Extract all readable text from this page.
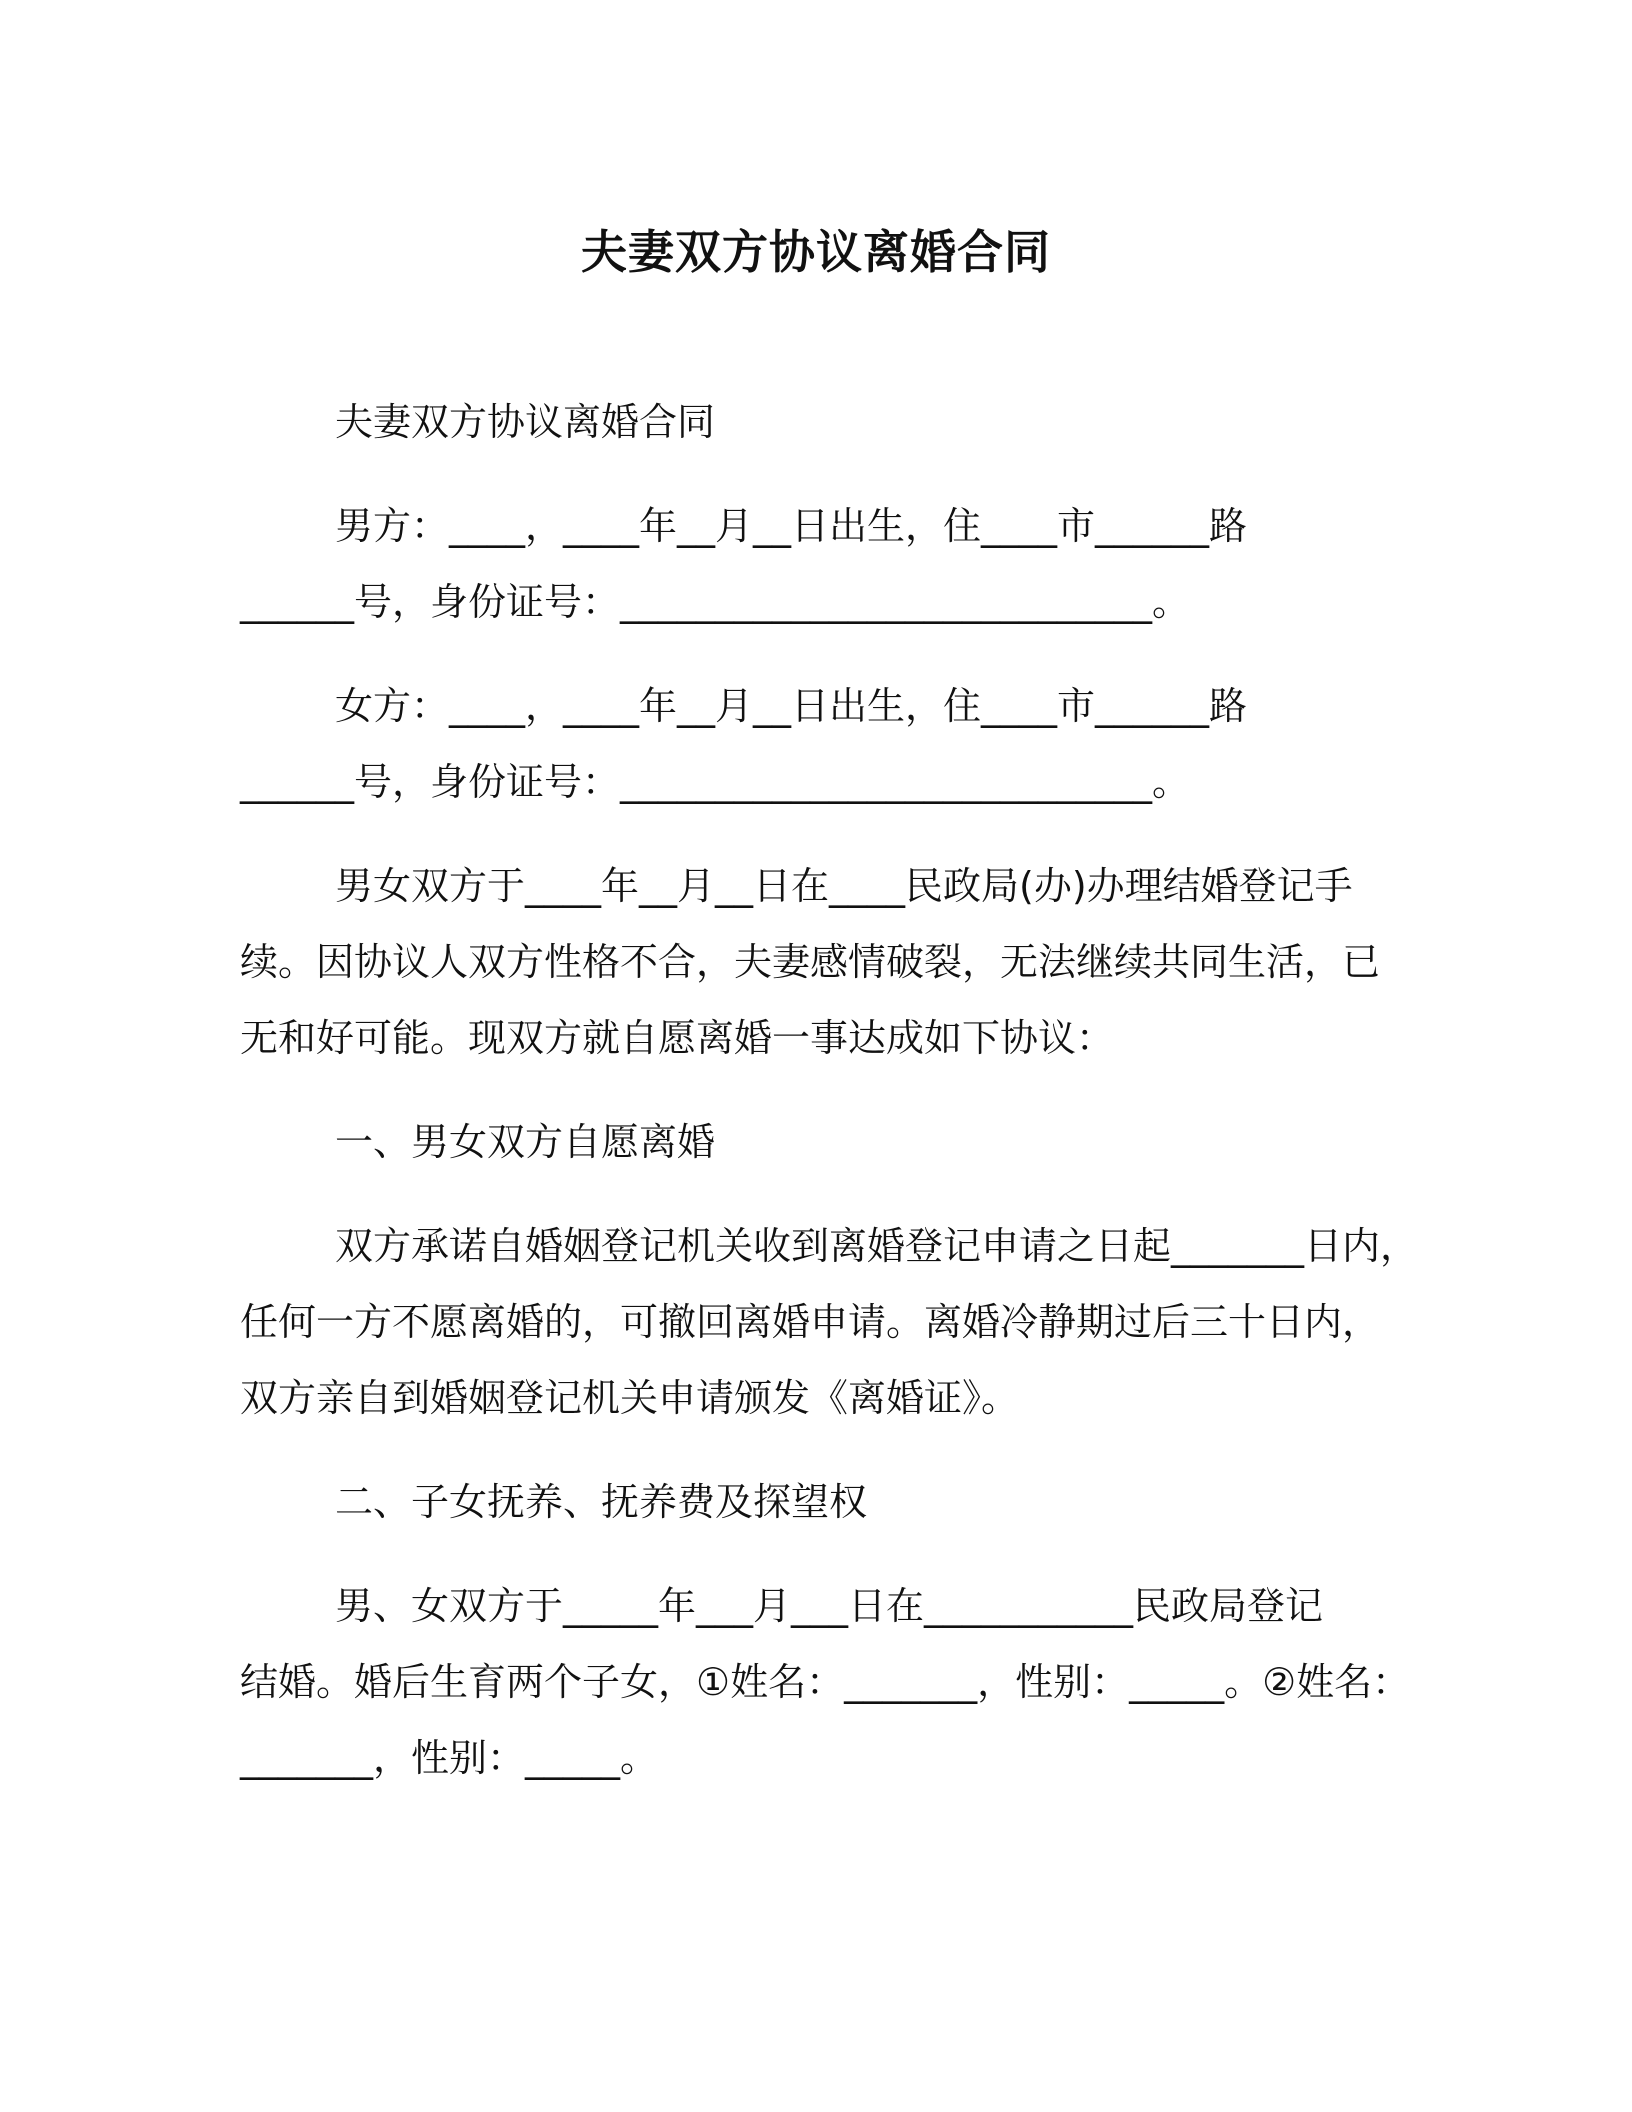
夫妻双方协议离婚合同

夫妻双方协议离婚合同

男方：____，____年__月__日出生，住____市______路

______号，身份证号：____________________________。

女方：____，____年__月__日出生，住____市______路

______号，身份证号：____________________________。

男女双方于____年__月__日在____民政局(办)办理结婚登记手

续。因协议人双方性格不合，夫妻感情破裂，无法继续共同生活，已

无和好可能。现双方就自愿离婚一事达成如下协议：

一、男女双方自愿离婚

双方承诺自婚姻登记机关收到离婚登记申请之日起_______日内，

任何一方不愿离婚的，可撤回离婚申请。离婚冷静期过后三十日内，

双方亲自到婚姻登记机关申请颁发《离婚证》。

二、子女抚养、抚养费及探望权

男、女双方于_____年___月___日在___________民政局登记

结婚。婚后生育两个子女，①姓名：_______，性别：_____。②姓名：

_______，性别：_____。
